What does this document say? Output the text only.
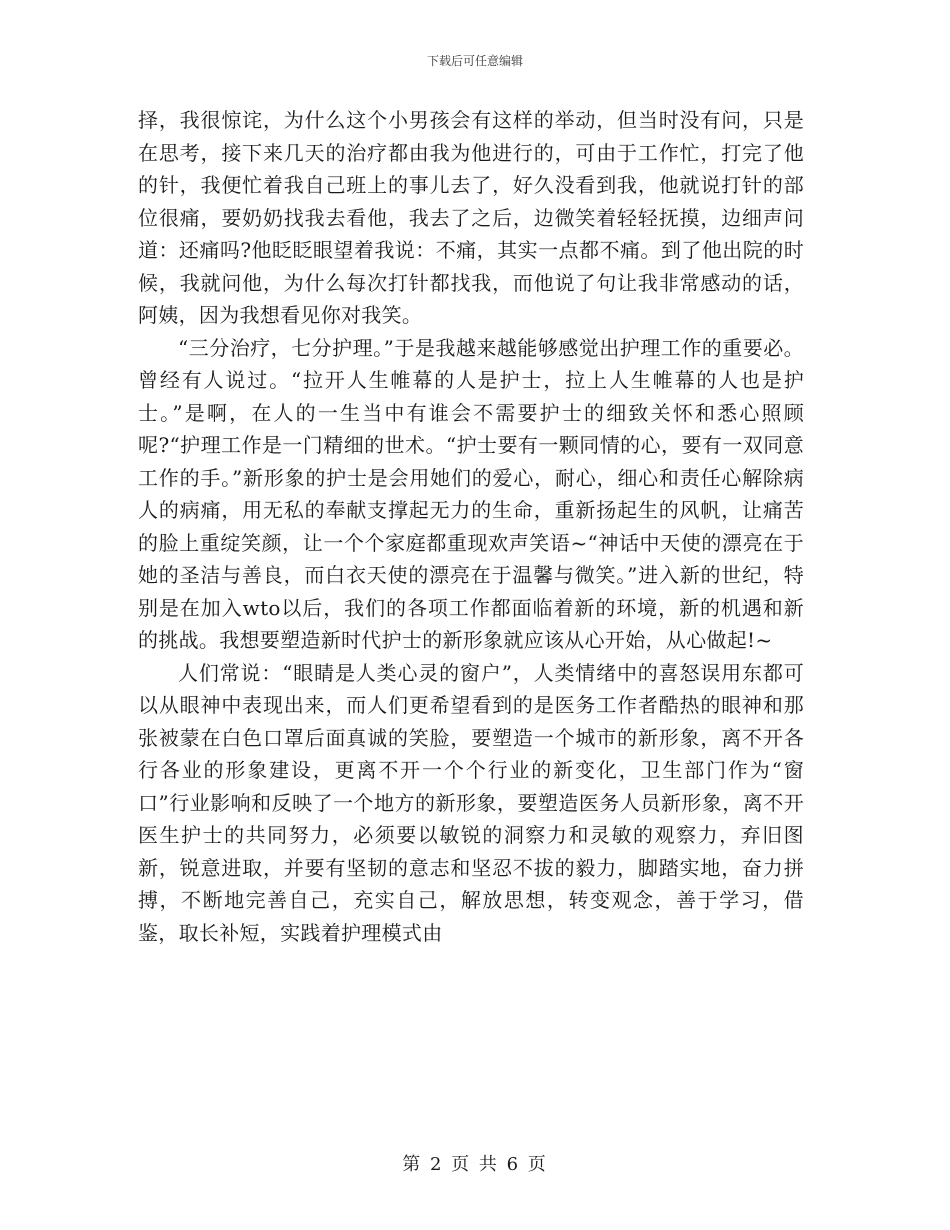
下载后可任意编辑

择，我很惊诧，为什么这个小男孩会有这样的举动，但当时没有问，只是在思考，接下来几天的治疗都由我为他进行的，可由于工作忙，打完了他的针，我便忙着我自己班上的事儿去了，好久没看到我，他就说打针的部位很痛，要奶奶找我去看他，我去了之后，边微笑着轻轻抚摸，边细声问道：还痛吗?他眨眨眼望着我说：不痛，其实一点都不痛。到了他出院的时候，我就问他，为什么每次打针都找我，而他说了句让我非常感动的话，阿姨，因为我想看见你对我笑。

“三分治疗，七分护理。”于是我越来越能够感觉出护理工作的重要必。曾经有人说过。“拉开人生帷幕的人是护士，拉上人生帷幕的人也是护士。”是啊，在人的一生当中有谁会不需要护士的细致关怀和悉心照顾呢?“护理工作是一门精细的世术。“护士要有一颗同情的心，要有一双同意工作的手。”新形象的护士是会用她们的爱心，耐心，细心和责任心解除病人的病痛，用无私的奉献支撑起无力的生命，重新扬起生的风帆，让痛苦的脸上重绽笑颜，让一个个家庭都重现欢声笑语~“神话中天使的漂亮在于她的圣洁与善良，而白衣天使的漂亮在于温馨与微笑。”进入新的世纪，特别是在加入wto以后，我们的各项工作都面临着新的环境，新的机遇和新的挑战。我想要塑造新时代护士的新形象就应该从心开始，从心做起!~

人们常说：“眼睛是人类心灵的窗户”，人类情绪中的喜怒误用东都可以从眼神中表现出来，而人们更希望看到的是医务工作者酷热的眼神和那张被蒙在白色口罩后面真诚的笑脸，要塑造一个城市的新形象，离不开各行各业的形象建设，更离不开一个个行业的新变化，卫生部门作为“窗口”行业影响和反映了一个地方的新形象，要塑造医务人员新形象，离不开医生护士的共同努力，必须要以敏锐的洞察力和灵敏的观察力，弃旧图新，锐意进取，并要有坚韧的意志和坚忍不拔的毅力，脚踏实地，奋力拼搏，不断地完善自己，充实自己，解放思想，转变观念，善于学习，借鉴，取长补短，实践着护理模式由

第 2 页 共 6 页
